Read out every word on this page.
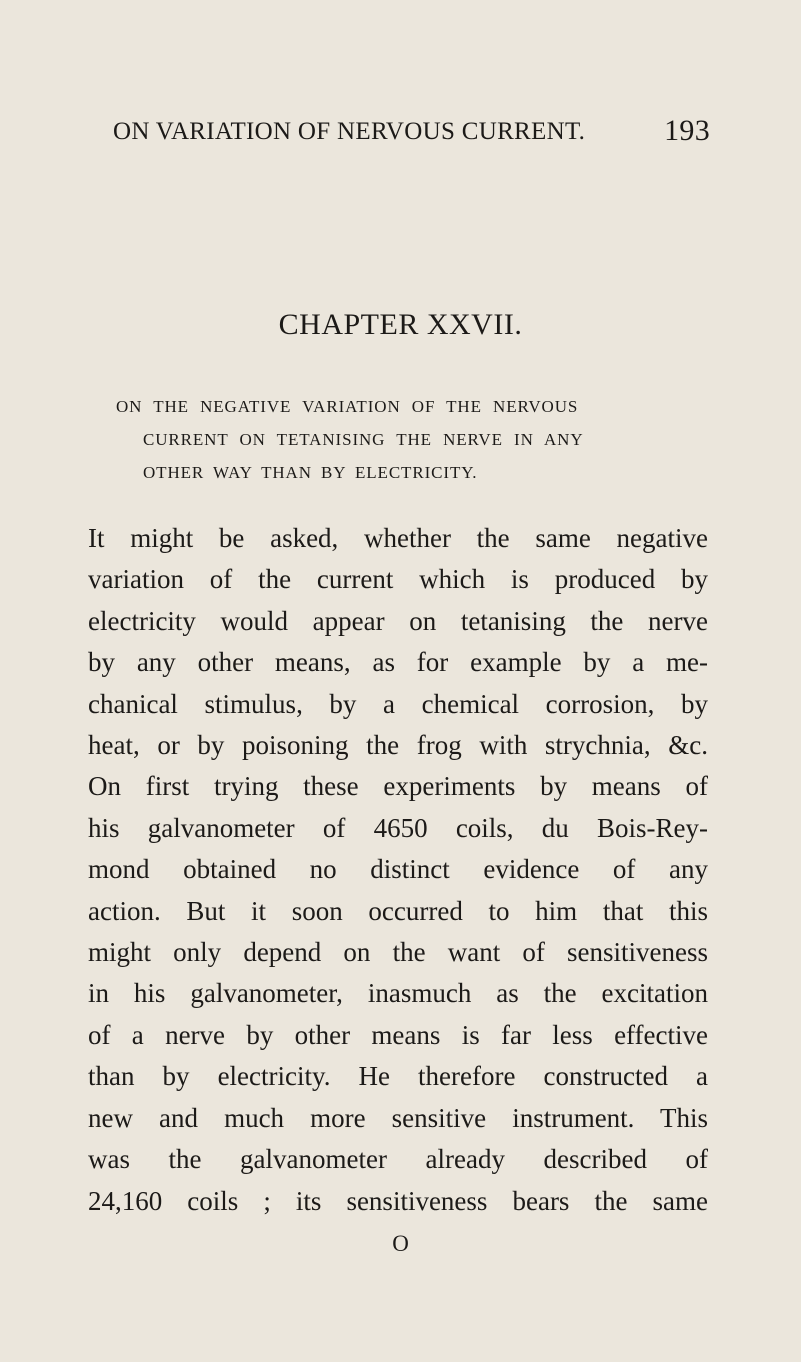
ON VARIATION OF NERVOUS CURRENT.	193
CHAPTER XXVII.
ON THE NEGATIVE VARIATION OF THE NERVOUS
CURRENT ON TETANISING THE NERVE IN ANY
OTHER WAY THAN BY ELECTRICITY.
It might be asked, whether the same negative
variation of the current which is produced by
electricity would appear on tetanising the nerve
by any other means, as for example by a me-
chanical stimulus, by a chemical corrosion, by
heat, or by poisoning the frog with strychnia, &c.
On first trying these experiments by means of
his galvanometer of 4650 coils, du Bois-Rey-
mond obtained no distinct evidence of any
action. But it soon occurred to him that this
might only depend on the want of sensitiveness
in his galvanometer, inasmuch as the excitation
of a nerve by other means is far less effective
than by electricity. He therefore constructed a
new and much more sensitive instrument. This
was the galvanometer already described of
24,160 coils ; its sensitiveness bears the same
O
